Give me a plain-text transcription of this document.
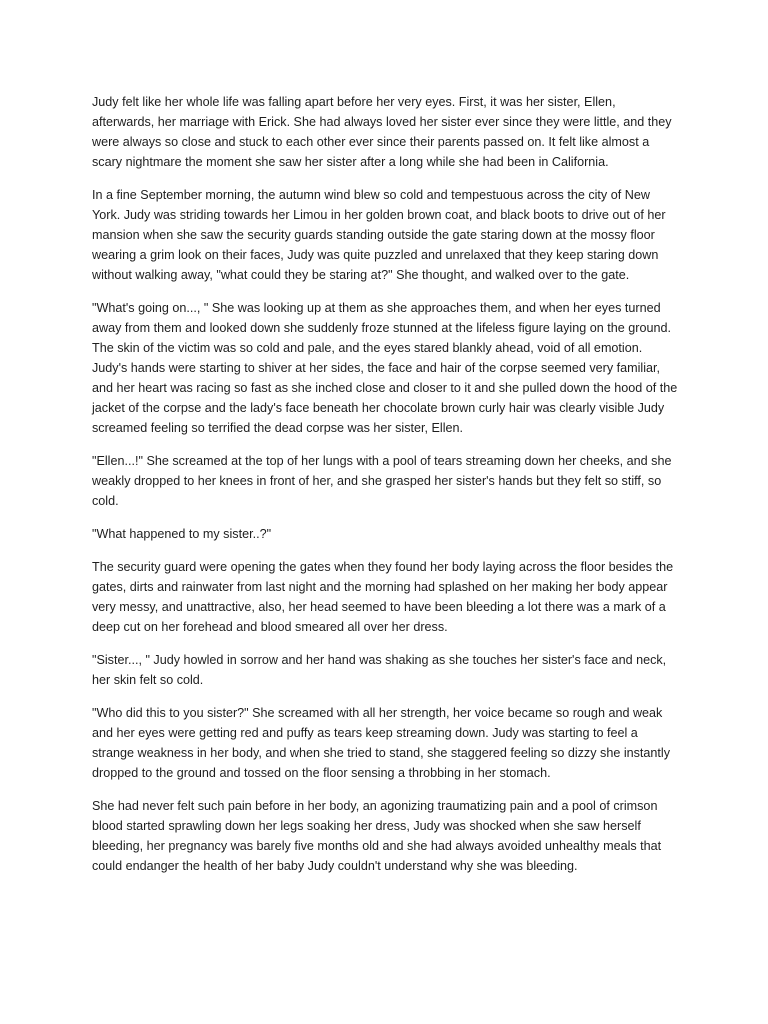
Judy felt like her whole life was falling apart before her very eyes. First, it was her sister, Ellen, afterwards, her marriage with Erick. She had always loved her sister ever since they were little, and they were always so close and stuck to each other ever since their parents passed on. It felt like almost a scary nightmare the moment she saw her sister after a long while she had been in California.

In a fine September morning, the autumn wind blew so cold and tempestuous across the city of New York. Judy was striding towards her Limou in her golden brown coat, and black boots to drive out of her mansion when she saw the security guards standing outside the gate staring down at the mossy floor wearing a grim look on their faces, Judy was quite puzzled and unrelaxed that they keep staring down without walking away, "what could they be staring at?" She thought, and walked over to the gate.

"What's going on..., " She was looking up at them as she approaches them, and when her eyes turned away from them and looked down she suddenly froze stunned at the lifeless figure laying on the ground. The skin of the victim was so cold and pale, and the eyes stared blankly ahead, void of all emotion. Judy's hands were starting to shiver at her sides, the face and hair of the corpse seemed very familiar, and her heart was racing so fast as she inched close and closer to it and she pulled down the hood of the jacket of the corpse and the lady's face beneath her chocolate brown curly hair was clearly visible Judy screamed feeling so terrified the dead corpse was her sister, Ellen.

"Ellen...!" She screamed at the top of her lungs with a pool of tears streaming down her cheeks, and she weakly dropped to her knees in front of her, and she grasped her sister's hands but they felt so stiff, so cold.

"What happened to my sister..?"

The security guard were opening the gates when they found her body laying across the floor besides the gates, dirts and rainwater from last night and the morning had splashed on her making her body appear very messy, and unattractive, also, her head seemed to have been bleeding a lot there was a mark of a deep cut on her forehead and blood smeared all over her dress.

"Sister..., " Judy howled in sorrow and her hand was shaking as she touches her sister's face and neck, her skin felt so cold.

"Who did this to you sister?" She screamed with all her strength, her voice became so rough and weak and her eyes were getting red and puffy as tears keep streaming down. Judy was starting to feel a strange weakness in her body, and when she tried to stand, she staggered feeling so dizzy she instantly dropped to the ground and tossed on the floor sensing a throbbing in her stomach.

She had never felt such pain before in her body, an agonizing traumatizing pain and a pool of crimson blood started sprawling down her legs soaking her dress, Judy was shocked when she saw herself bleeding, her pregnancy was barely five months old and she had always avoided unhealthy meals that could endanger the health of her baby Judy couldn't understand why she was bleeding.
